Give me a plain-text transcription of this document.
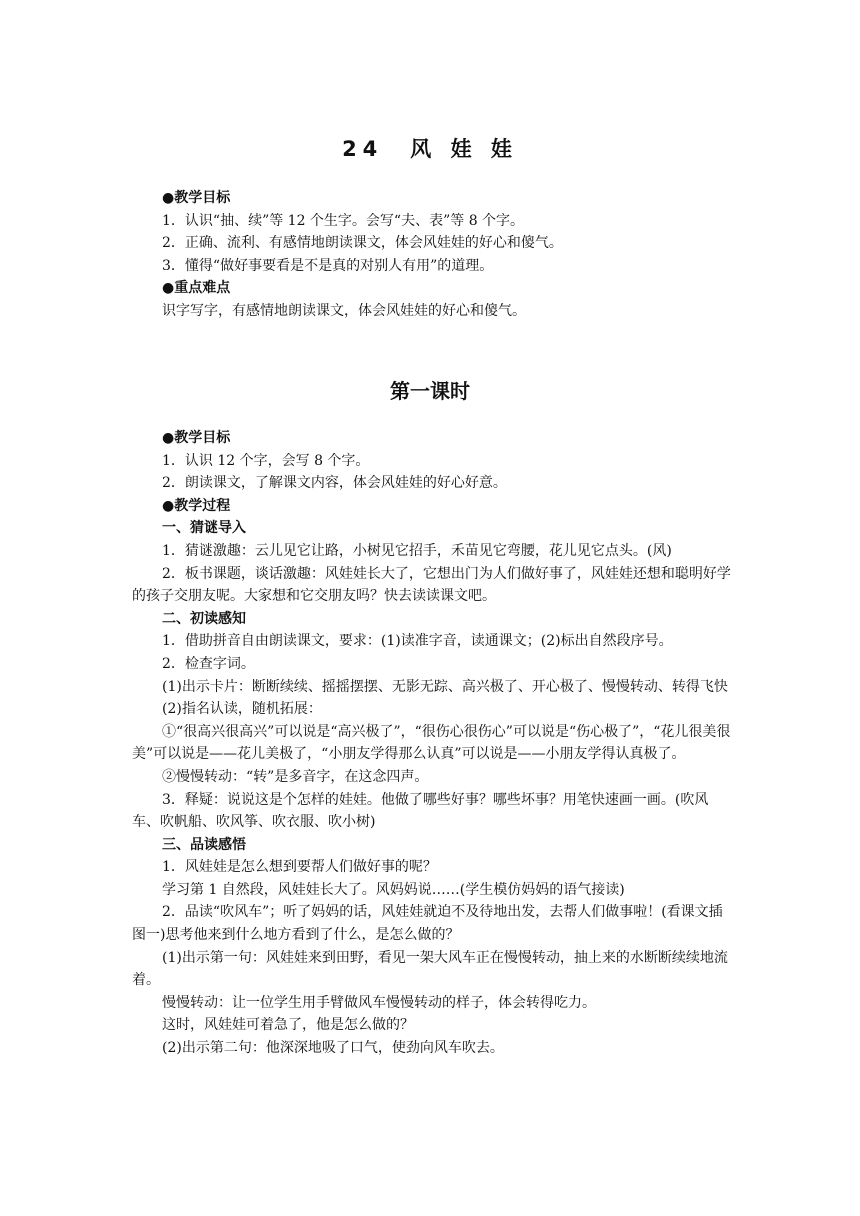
24　风 娃 娃

●教学目标

1．认识“抽、续”等 12 个生字。会写“夫、表”等 8 个字。

2．正确、流利、有感情地朗读课文，体会风娃娃的好心和傻气。

3．懂得“做好事要看是不是真的对别人有用”的道理。

●重点难点

识字写字，有感情地朗读课文，体会风娃娃的好心和傻气。

第一课时

●教学目标

1．认识 12 个字，会写 8 个字。

2．朗读课文，了解课文内容，体会风娃娃的好心好意。

●教学过程

一、猜谜导入

1．猜谜激趣：云儿见它让路，小树见它招手，禾苗见它弯腰，花儿见它点头。(风)

2．板书课题，谈话激趣：风娃娃长大了，它想出门为人们做好事了，风娃娃还想和聪明好学的孩子交朋友呢。大家想和它交朋友吗？快去读读课文吧。

二、初读感知

1．借助拼音自由朗读课文，要求：(1)读准字音，读通课文；(2)标出自然段序号。

2．检查字词。

(1)出示卡片：断断续续、摇摇摆摆、无影无踪、高兴极了、开心极了、慢慢转动、转得飞快

(2)指名认读，随机拓展：

①“很高兴很高兴”可以说是“高兴极了”，“很伤心很伤心”可以说是“伤心极了”，“花儿很美很美”可以说是——花儿美极了，“小朋友学得那么认真”可以说是——小朋友学得认真极了。

②慢慢转动：“转”是多音字，在这念四声。

3．释疑：说说这是个怎样的娃娃。他做了哪些好事？哪些坏事？用笔快速画一画。(吹风车、吹帆船、吹风筝、吹衣服、吹小树)

三、品读感悟

1．风娃娃是怎么想到要帮人们做好事的呢？

学习第 1 自然段，风娃娃长大了。风妈妈说……(学生模仿妈妈的语气接读)

2．品读“吹风车”；听了妈妈的话，风娃娃就迫不及待地出发，去帮人们做事啦！(看课文插图一)思考他来到什么地方看到了什么，是怎么做的？

(1)出示第一句：风娃娃来到田野，看见一架大风车正在慢慢转动，抽上来的水断断续续地流着。

慢慢转动：让一位学生用手臂做风车慢慢转动的样子，体会转得吃力。

这时，风娃娃可着急了，他是怎么做的？

(2)出示第二句：他深深地吸了口气，使劲向风车吹去。
